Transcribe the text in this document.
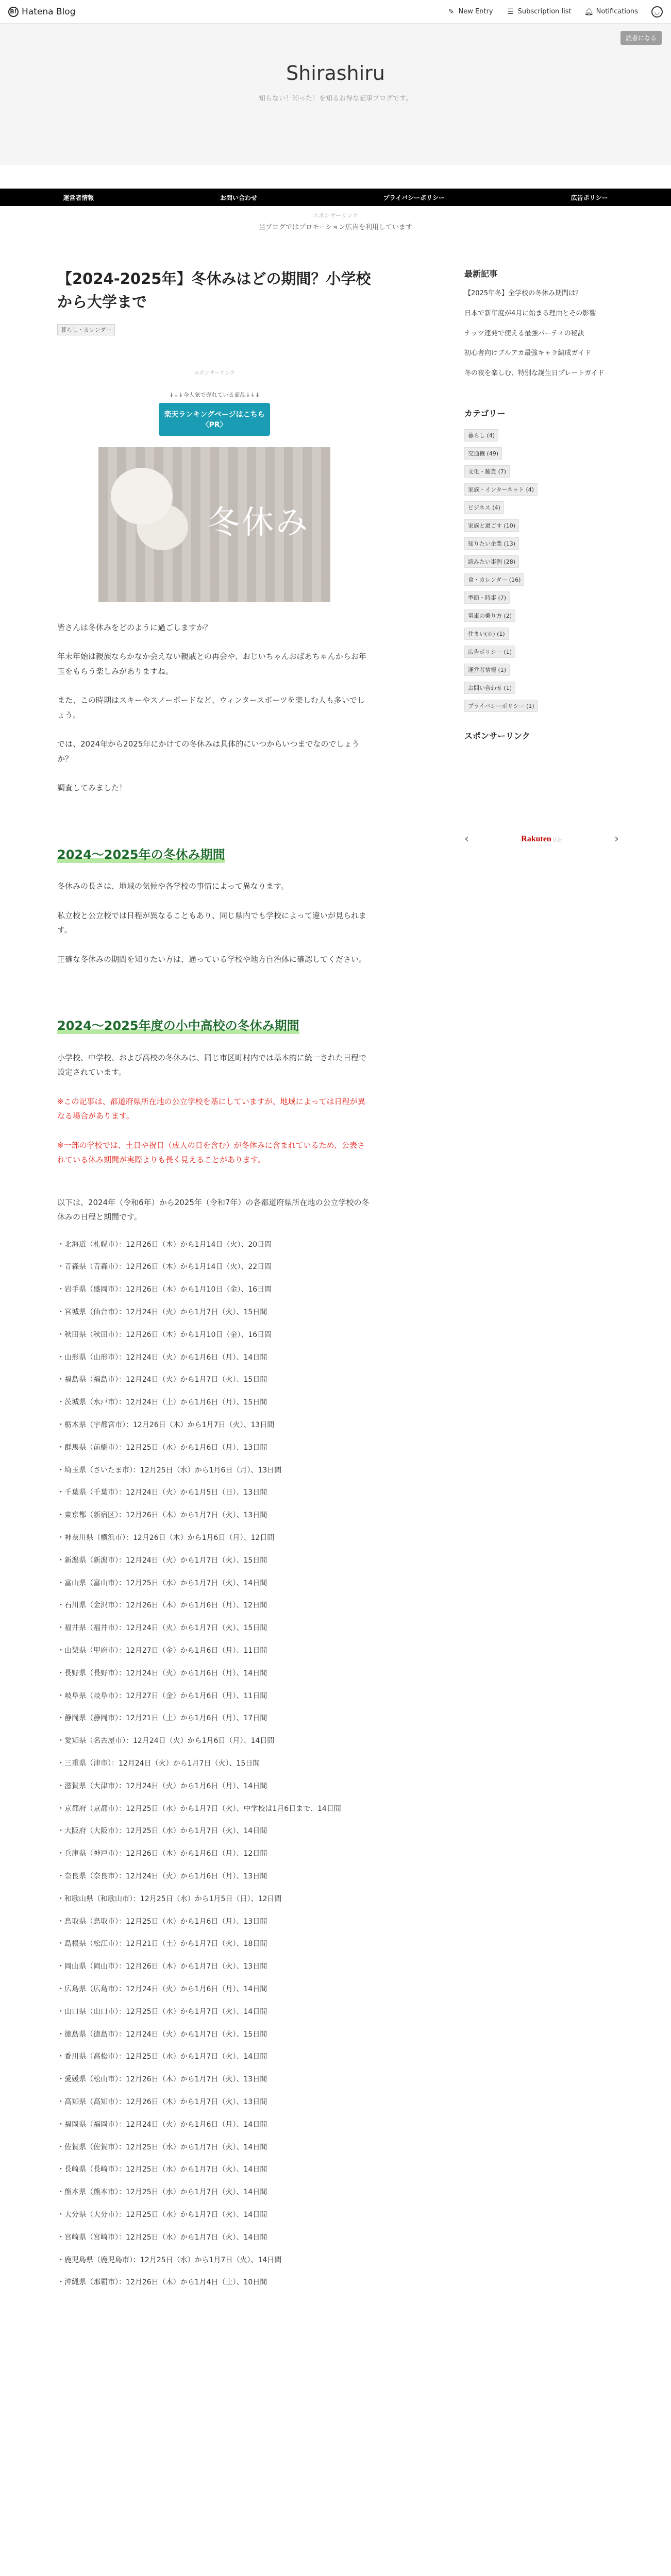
B! Hatena Blog	✎ New Entry ☰ Subscription list 🔔︎ Notifications	◡
読者になる
Shirashiru
知らない！知った！を知るお得な記事ブログです。
運営者情報	お問い合わせ	プライバシーポリシー	広告ポリシー
スポンサーリンク
当ブログではプロモーション広告を利用しています
【2024-2025年】冬休みはどの期間？小学校から大学まで
暮らし・カレンダー
スポンサーリンク
↓↓↓今人気で売れている商品↓↓↓
楽天ランキングページはこちら〈PR〉
冬休み

皆さんは冬休みをどのように過ごしますか？

年末年始は親族ならかなか会えない親戚との再会や、おじいちゃんおばあちゃんからお年玉をもらう楽しみがありますね。

また、この時期はスキーやスノーボードなど、ウィンタースポーツを楽しむ人も多いでしょう。

では、2024年から2025年にかけての冬休みは具体的にいつからいつまでなのでしょうか？

調査してみました！

2024〜2025年の冬休み期間

冬休みの長さは、地域の気候や各学校の事情によって異なります。

私立校と公立校では日程が異なることもあり、同じ県内でも学校によって違いが見られます。

正確な冬休みの期間を知りたい方は、通っている学校や地方自治体に確認してください。

2024〜2025年度の小中高校の冬休み期間

小学校、中学校、および高校の冬休みは、同じ市区町村内では基本的に統一された日程で設定されています。

※この記事は、都道府県所在地の公立学校を基にしていますが、地域によっては日程が異なる場合があります。

※一部の学校では、土日や祝日（成人の日を含む）が冬休みに含まれているため、公表されている休み期間が実際よりも長く見えることがあります。

以下は、2024年（令和6年）から2025年（令和7年）の各都道府県所在地の公立学校の冬休みの日程と期間です。

・北海道（札幌市）：12月26日（木）から1月14日（火）、20日間
・青森県（青森市）：12月26日（木）から1月14日（火）、22日間
・岩手県（盛岡市）：12月26日（木）から1月10日（金）、16日間
・宮城県（仙台市）：12月24日（火）から1月7日（火）、15日間
・秋田県（秋田市）：12月26日（木）から1月10日（金）、16日間
・山形県（山形市）：12月24日（火）から1月6日（月）、14日間
・福島県（福島市）：12月24日（火）から1月7日（火）、15日間
・茨城県（水戸市）：12月24日（土）から1月6日（月）、15日間
・栃木県（宇都宮市）：12月26日（木）から1月7日（火）、13日間
・群馬県（前橋市）：12月25日（水）から1月6日（月）、13日間
・埼玉県（さいたま市）：12月25日（水）から1月6日（月）、13日間
・千葉県（千葉市）：12月24日（火）から1月5日（日）、13日間
・東京都（新宿区）：12月26日（木）から1月7日（火）、13日間
・神奈川県（横浜市）：12月26日（木）から1月6日（月）、12日間
・新潟県（新潟市）：12月24日（火）から1月7日（火）、15日間
・富山県（富山市）：12月25日（水）から1月7日（火）、14日間
・石川県（金沢市）：12月26日（木）から1月6日（月）、12日間
・福井県（福井市）：12月24日（火）から1月7日（火）、15日間
・山梨県（甲府市）：12月27日（金）から1月6日（月）、11日間
・長野県（長野市）：12月24日（火）から1月6日（月）、14日間
・岐阜県（岐阜市）：12月27日（金）から1月6日（月）、11日間
・静岡県（静岡市）：12月21日（土）から1月6日（月）、17日間
・愛知県（名古屋市）：12月24日（火）から1月6日（月）、14日間
・三重県（津市）：12月24日（火）から1月7日（火）、15日間
・滋賀県（大津市）：12月24日（火）から1月6日（月）、14日間
・京都府（京都市）：12月25日（水）から1月7日（火）、中学校は1月6日まで、14日間
・大阪府（大阪市）：12月25日（水）から1月7日（火）、14日間
・兵庫県（神戸市）：12月26日（木）から1月6日（月）、12日間
・奈良県（奈良市）：12月24日（火）から1月6日（月）、13日間
・和歌山県（和歌山市）：12月25日（水）から1月5日（日）、12日間
・鳥取県（鳥取市）：12月25日（水）から1月6日（月）、13日間
・島根県（松江市）：12月21日（土）から1月7日（火）、18日間
・岡山県（岡山市）：12月26日（木）から1月7日（火）、13日間
・広島県（広島市）：12月24日（火）から1月6日（月）、14日間
・山口県（山口市）：12月25日（水）から1月7日（火）、14日間
・徳島県（徳島市）：12月24日（火）から1月7日（火）、15日間
・香川県（高松市）：12月25日（水）から1月7日（火）、14日間
・愛媛県（松山市）：12月26日（木）から1月7日（火）、13日間
・高知県（高知市）：12月26日（木）から1月7日（火）、13日間
・福岡県（福岡市）：12月24日（火）から1月6日（月）、14日間
・佐賀県（佐賀市）：12月25日（水）から1月7日（火）、14日間
・長崎県（長崎市）：12月25日（水）から1月7日（火）、14日間
・熊本県（熊本市）：12月25日（水）から1月7日（火）、14日間
・大分県（大分市）：12月25日（水）から1月7日（火）、14日間
・宮崎県（宮崎市）：12月25日（水）から1月7日（火）、14日間
・鹿児島県（鹿児島市）：12月25日（水）から1月7日（火）、14日間
・沖縄県（那覇市）：12月26日（木）から1月4日（土）、10日間
最新記事
【2025年冬】全学校の冬休み期間は？
日本で新年度が4月に始まる理由とその影響
ナッツ連発で使える最強パーティの秘訣
初心者向けブルアカ最強キャラ編成ガイド
冬の夜を楽しむ、特別な誕生日プレートガイド
カテゴリー
暮らし (4)
交通機 (49)
文化・雑貨 (7)
家族・インターネット (4)
ビジネス (4)
家族と過ごす (10)
知りたい企業 (13)
読みたい事例 (28)
食・カレンダー (16)
季節・時事 (7)
電車の乗り方 (2)
住まい(ホ) (1)
広告ポリシー (1)
運営者情報 (1)
お問い合わせ (1)
プライバシーポリシー (1)
スポンサーリンク
‹	Rakuten 広告	›
